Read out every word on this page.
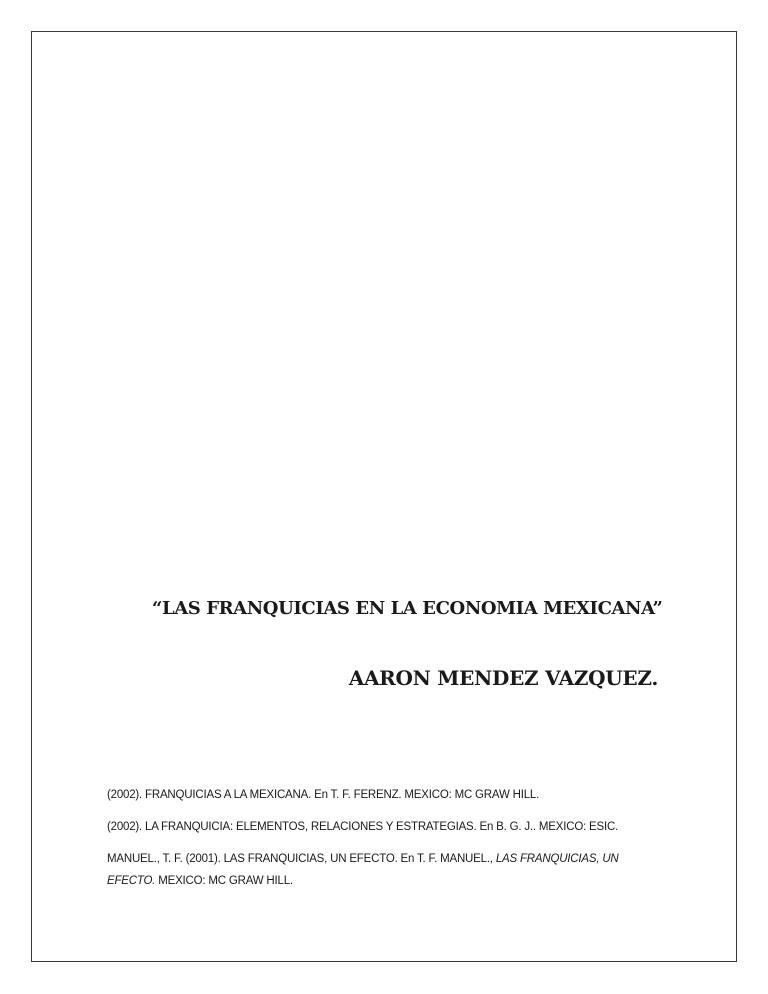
“LAS FRANQUICIAS EN LA ECONOMIA MEXICANA”
AARON MENDEZ VAZQUEZ.

(2002). FRANQUICIAS A LA MEXICANA. En T. F. FERENZ. MEXICO: MC GRAW HILL.

(2002). LA FRANQUICIA: ELEMENTOS, RELACIONES Y ESTRATEGIAS. En B. G. J.. MEXICO: ESIC.

MANUEL., T. F. (2001). LAS FRANQUICIAS, UN EFECTO. En T. F. MANUEL., LAS FRANQUICIAS, UN EFECTO. MEXICO: MC GRAW HILL.
